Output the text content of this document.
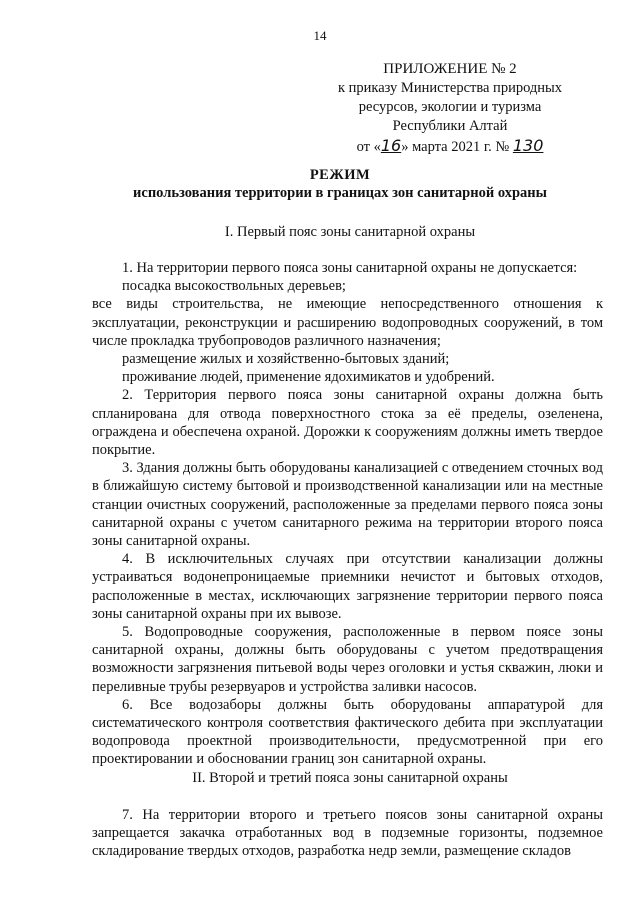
14
ПРИЛОЖЕНИЕ № 2
к приказу Министерства природных
ресурсов, экологии и туризма
Республики Алтай
от «16» марта 2021 г. № 130
РЕЖИМ
использования территории в границах зон санитарной охраны
I. Первый пояс зоны санитарной охраны

1. На территории первого пояса зоны санитарной охраны не допускается:

посадка высокоствольных деревьев;

все виды строительства, не имеющие непосредственного отношения к эксплуатации, реконструкции и расширению водопроводных сооружений, в том числе прокладка трубопроводов различного назначения;

размещение жилых и хозяйственно-бытовых зданий;

проживание людей, применение ядохимикатов и удобрений.

2. Территория первого пояса зоны санитарной охраны должна быть спланирована для отвода поверхностного стока за её пределы, озеленена, ограждена и обеспечена охраной. Дорожки к сооружениям должны иметь твердое покрытие.

3. Здания должны быть оборудованы канализацией с отведением сточных вод в ближайшую систему бытовой и производственной канализации или на местные станции очистных сооружений, расположенные за пределами первого пояса зоны санитарной охраны с учетом санитарного режима на территории второго пояса зоны санитарной охраны.

4. В исключительных случаях при отсутствии канализации должны устраиваться водонепроницаемые приемники нечистот и бытовых отходов, расположенные в местах, исключающих загрязнение территории первого пояса зоны санитарной охраны при их вывозе.

5. Водопроводные сооружения, расположенные в первом поясе зоны санитарной охраны, должны быть оборудованы с учетом предотвращения возможности загрязнения питьевой воды через оголовки и устья скважин, люки и переливные трубы резервуаров и устройства заливки насосов.

6. Все водозаборы должны быть оборудованы аппаратурой для систематического контроля соответствия фактического дебита при эксплуатации водопровода проектной производительности, предусмотренной при его проектировании и обосновании границ зон санитарной охраны.

II. Второй и третий пояса зоны санитарной охраны

7. На территории второго и третьего поясов зоны санитарной охраны запрещается закачка отработанных вод в подземные горизонты, подземное складирование твердых отходов, разработка недр земли, размещение складов
